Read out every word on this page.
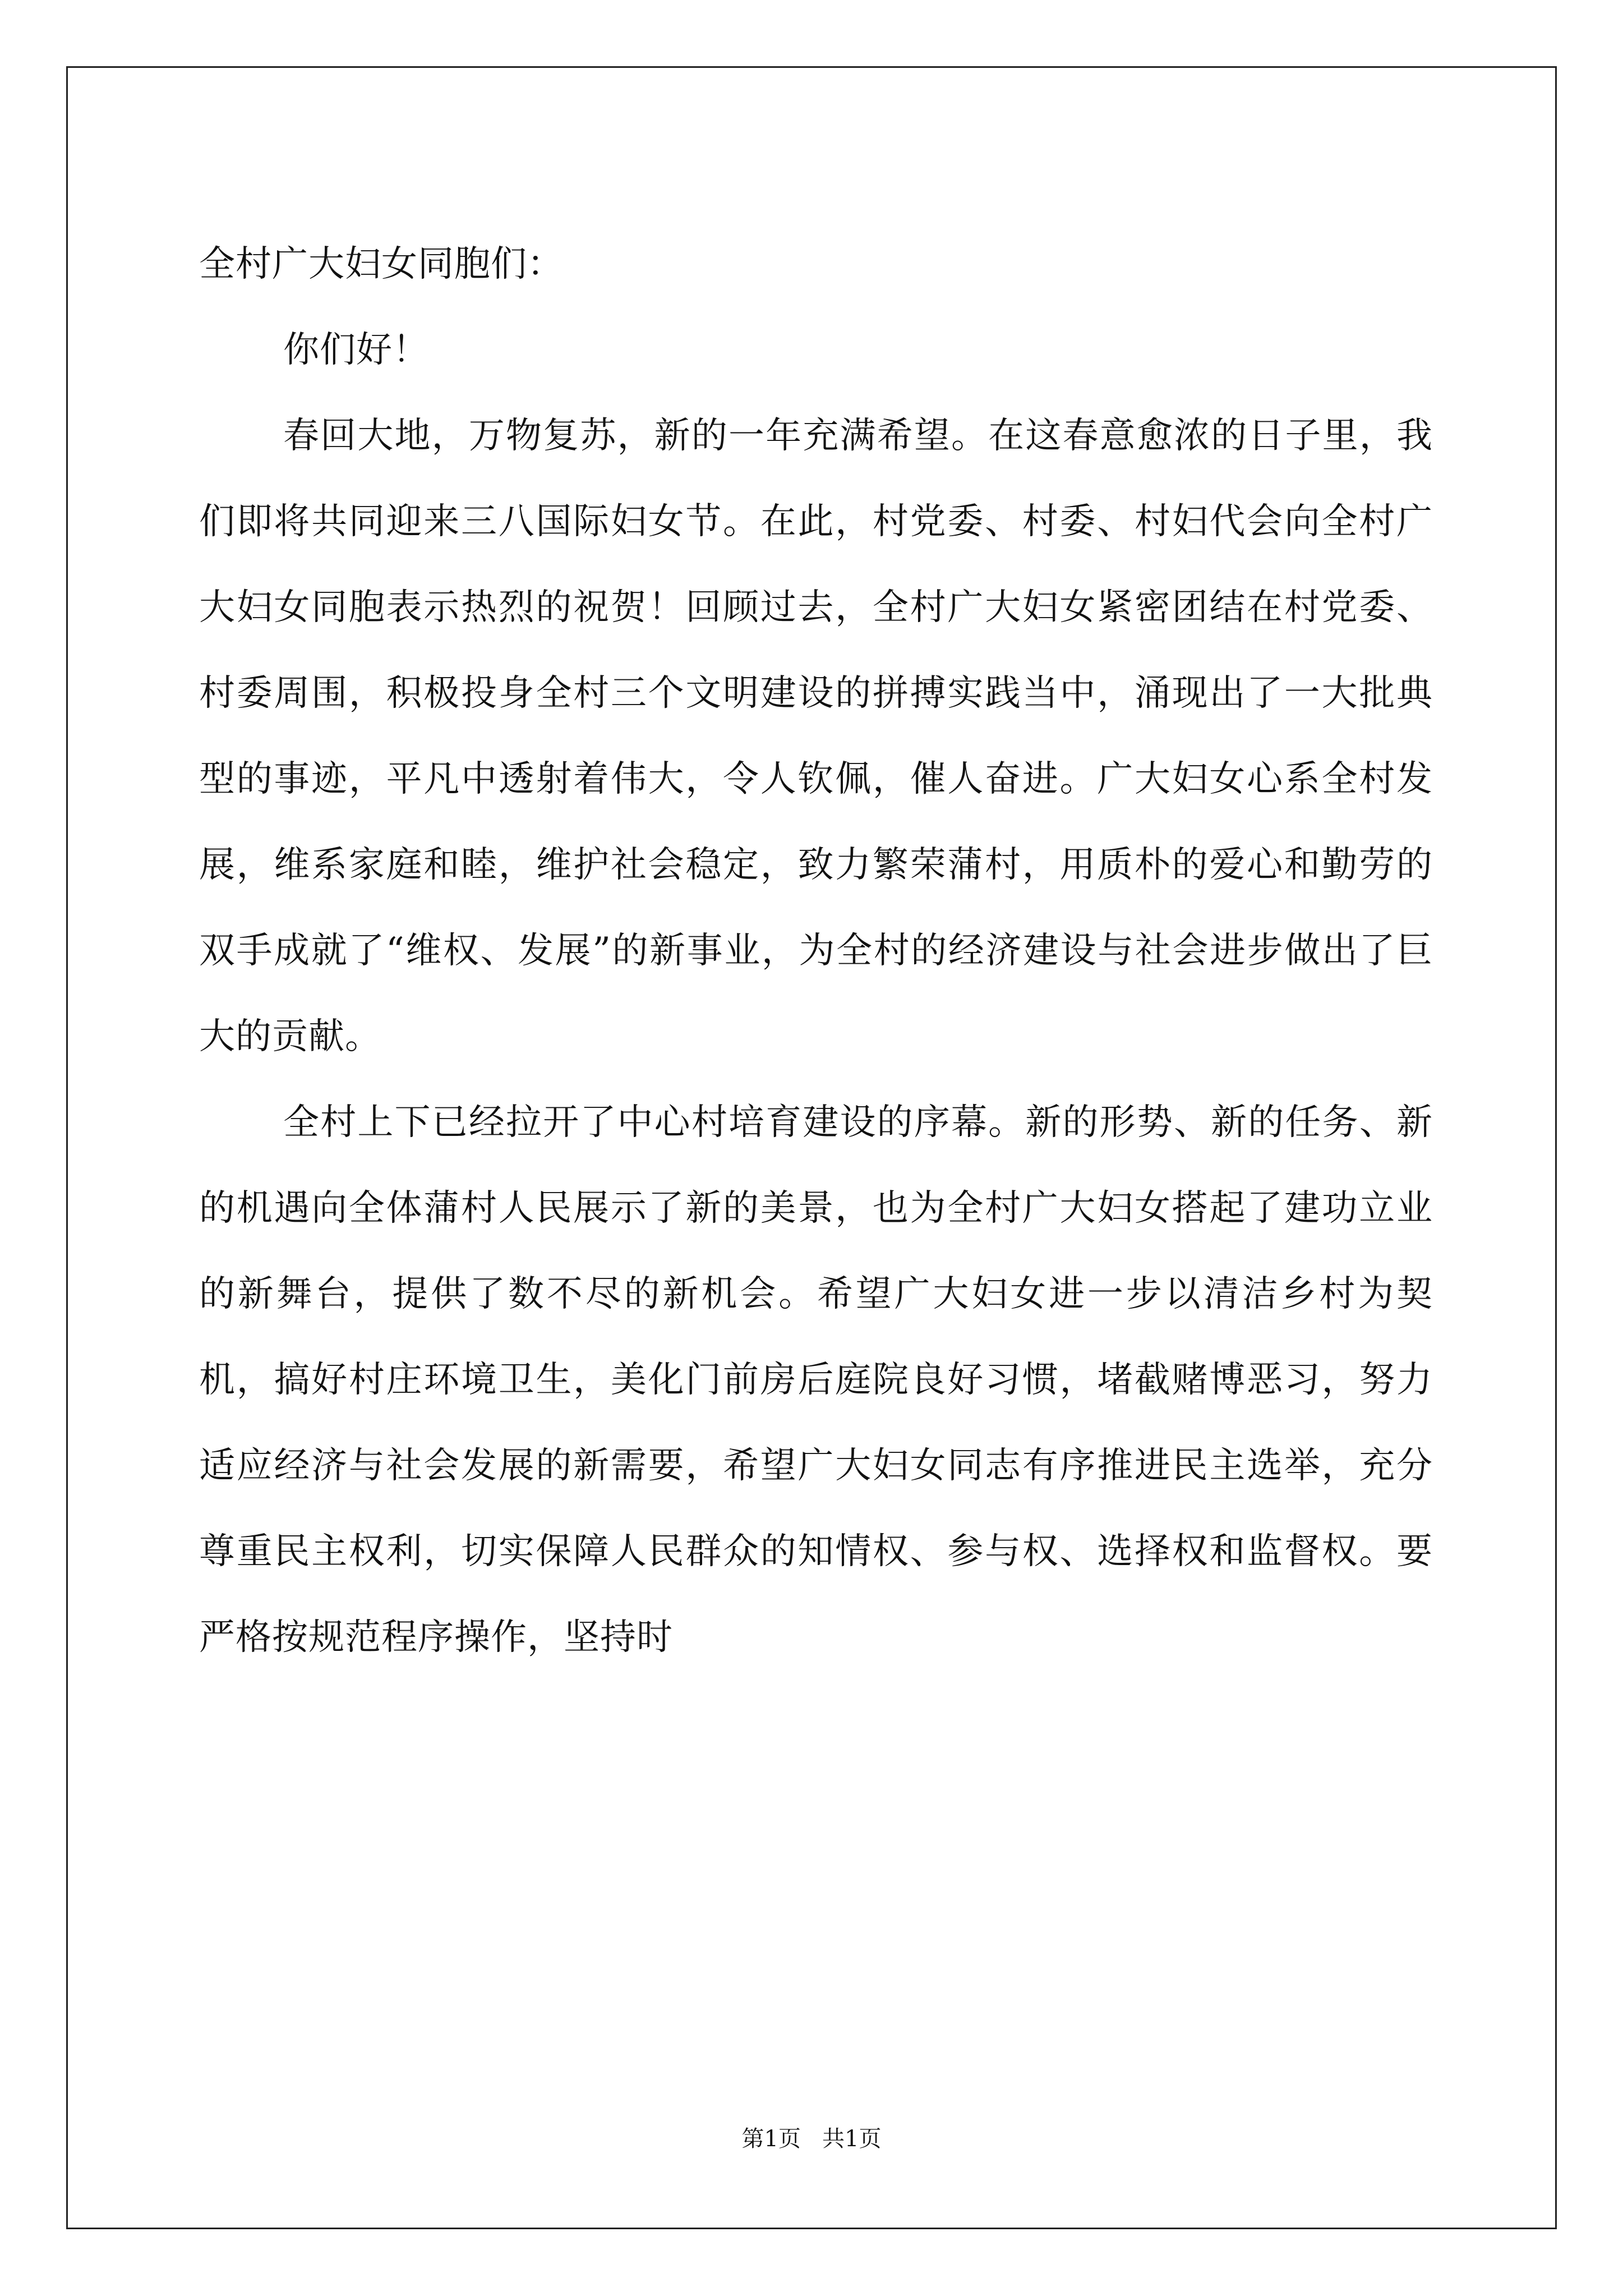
全村广大妇女同胞们：

你们好！

春回大地，万物复苏，新的一年充满希望。在这春意愈浓的日子里，我们即将共同迎来三八国际妇女节。在此，村党委、村委、村妇代会向全村广大妇女同胞表示热烈的祝贺！回顾过去，全村广大妇女紧密团结在村党委、村委周围，积极投身全村三个文明建设的拼搏实践当中，涌现出了一大批典型的事迹，平凡中透射着伟大，令人钦佩，催人奋进。广大妇女心系全村发展，维系家庭和睦，维护社会稳定，致力繁荣蒲村，用质朴的爱心和勤劳的双手成就了“维权、发展”的新事业，为全村的经济建设与社会进步做出了巨大的贡献。

全村上下已经拉开了中心村培育建设的序幕。新的形势、新的任务、新的机遇向全体蒲村人民展示了新的美景，也为全村广大妇女搭起了建功立业的新舞台，提供了数不尽的新机会。希望广大妇女进一步以清洁乡村为契机，搞好村庄环境卫生，美化门前房后庭院良好习惯，堵截赌博恶习，努力适应经济与社会发展的新需要，希望广大妇女同志有序推进民主选举，充分尊重民主权利，切实保障人民群众的知情权、参与权、选择权和监督权。要严格按规范程序操作，坚持时

第1页 共1页
